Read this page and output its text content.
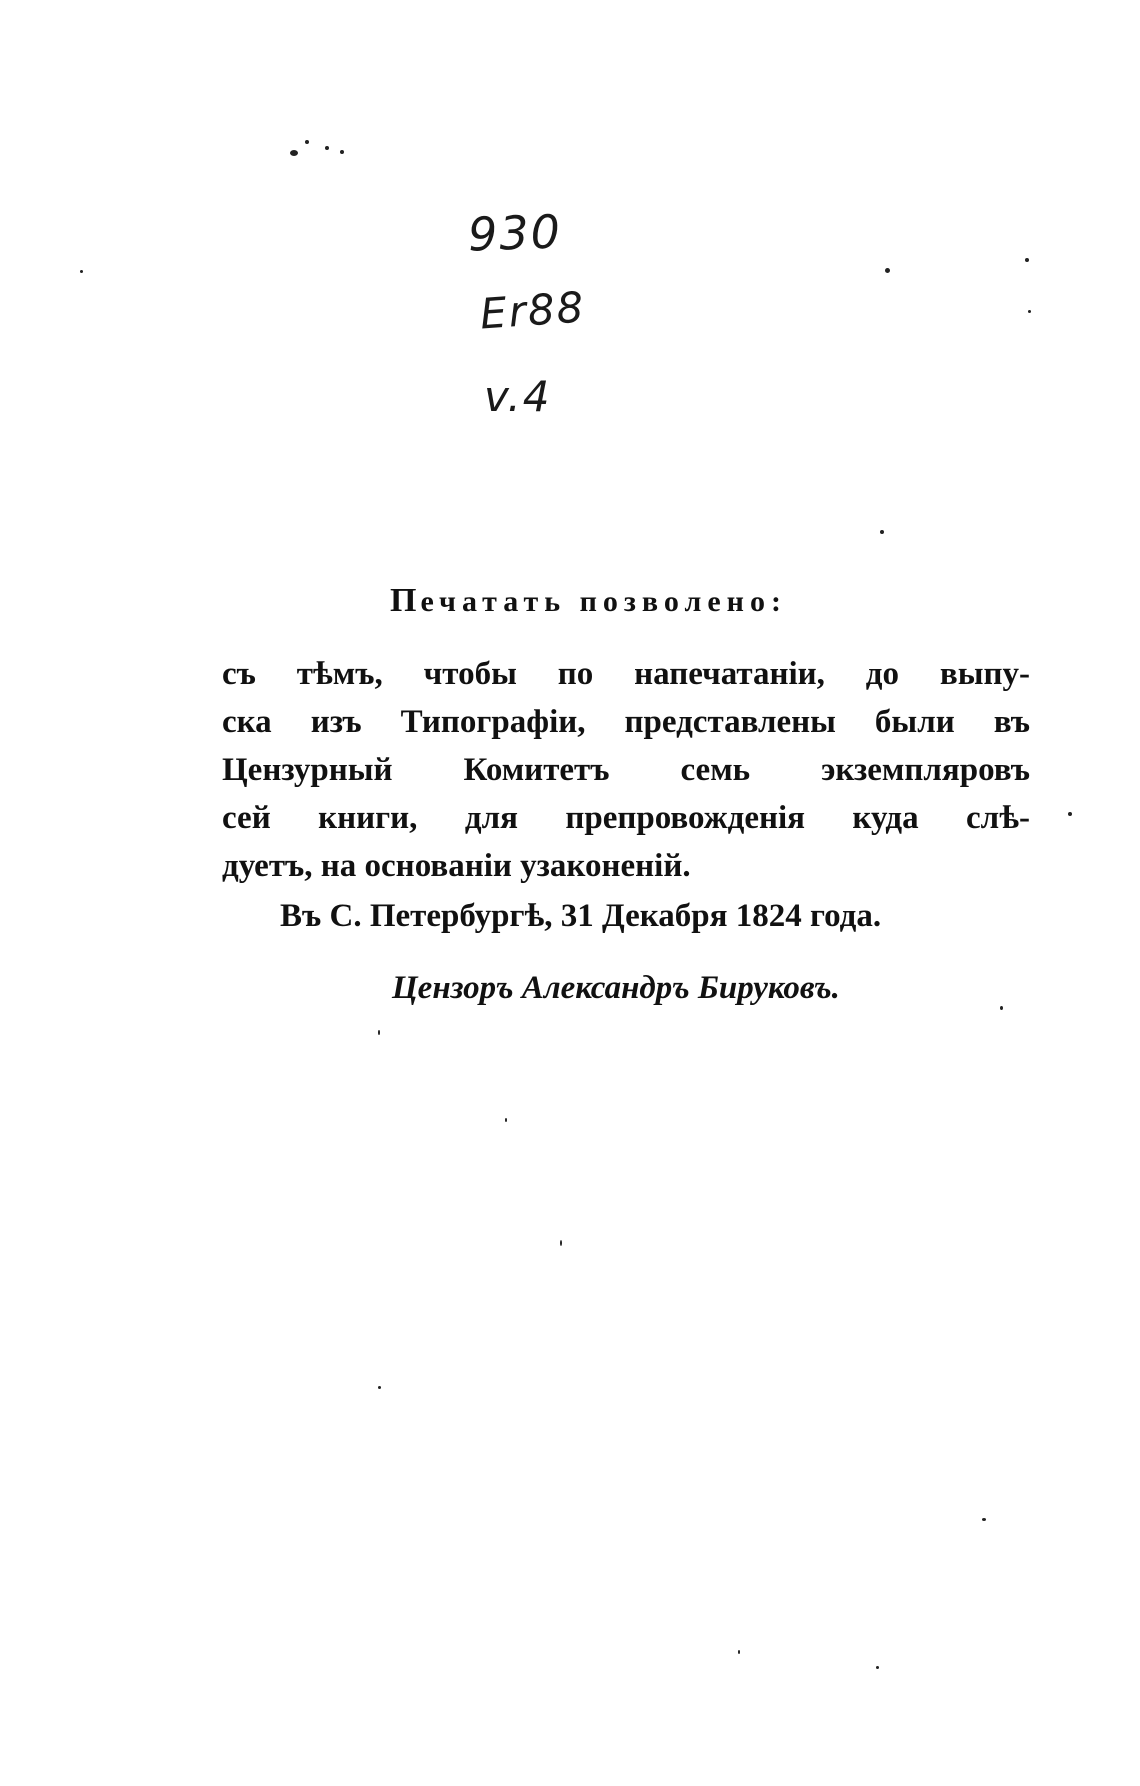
930
Er88
v.4
Печатать позволено:
съ тѣмъ, чтобы по напечатаніи, до выпу-
ска изъ Типографіи, представлены были въ
Цензурный Комитетъ семь экземпляровъ
сей книги, для препровожденія куда слѣ-
дуетъ, на основаніи узаконеній.
Въ С. Петербургѣ, 31 Декабря 1824 года.
Цензоръ Александръ Бируковъ.
